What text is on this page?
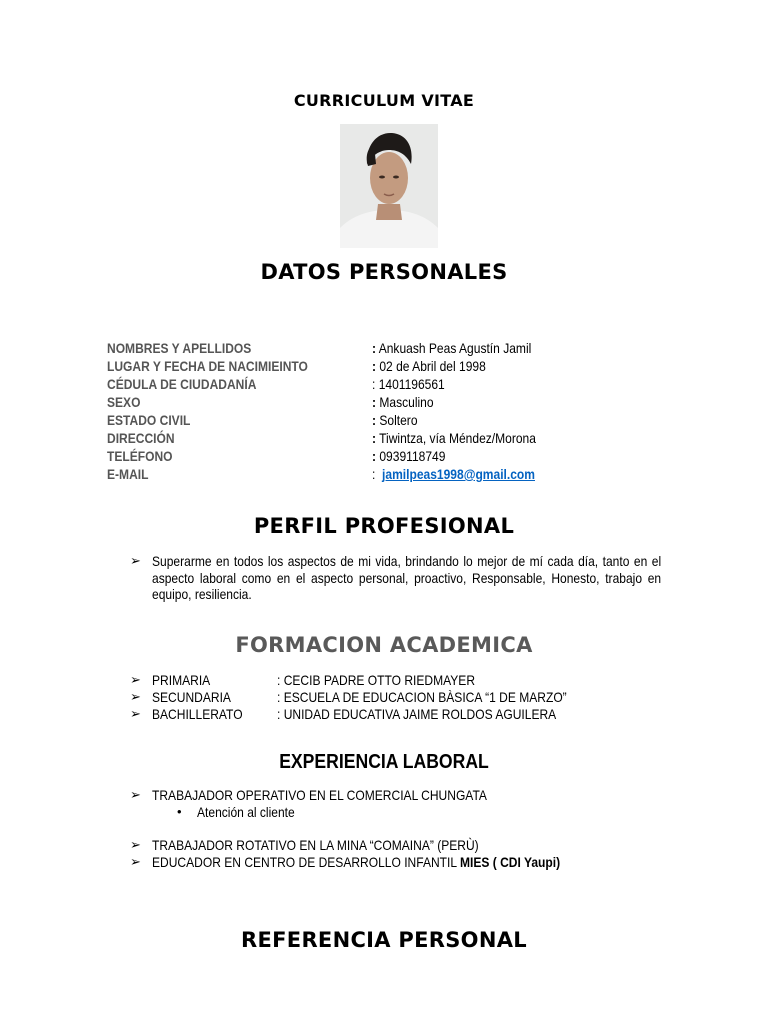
CURRICULUM VITAE
DATOS PERSONALES
NOMBRES Y APELLIDOS	: Ankuash Peas Agustín Jamil
LUGAR Y FECHA DE NACIMIEINTO	: 02 de Abril del 1998
CÉDULA DE CIUDADANÍA	: 1401196561
SEXO	: Masculino
ESTADO CIVIL	: Soltero
DIRECCIÓN	: Tiwintza, vía Méndez/Morona
TELÉFONO	: 0939118749
E-MAIL	: jamilpeas1998@gmail.com
PERFIL PROFESIONAL
➢ Superarme en todos los aspectos de mi vida, brindando lo mejor de mí cada día, tanto en el aspecto laboral como en el aspecto personal, proactivo, Responsable, Honesto, trabajo en equipo, resiliencia.
FORMACION ACADEMICA
➢ PRIMARIA	: CECIB PADRE OTTO RIEDMAYER
➢ SECUNDARIA	: ESCUELA DE EDUCACION BÀSICA “1 DE MARZO”
➢ BACHILLERATO : UNIDAD EDUCATIVA JAIME ROLDOS AGUILERA
EXPERIENCIA LABORAL
➢ TRABAJADOR OPERATIVO EN EL COMERCIAL CHUNGATA
• Atención al cliente
➢ TRABAJADOR ROTATIVO EN LA MINA “COMAINA” (PERÙ)
➢ EDUCADOR EN CENTRO DE DESARROLLO INFANTIL MIES ( CDI Yaupi)
REFERENCIA PERSONAL
